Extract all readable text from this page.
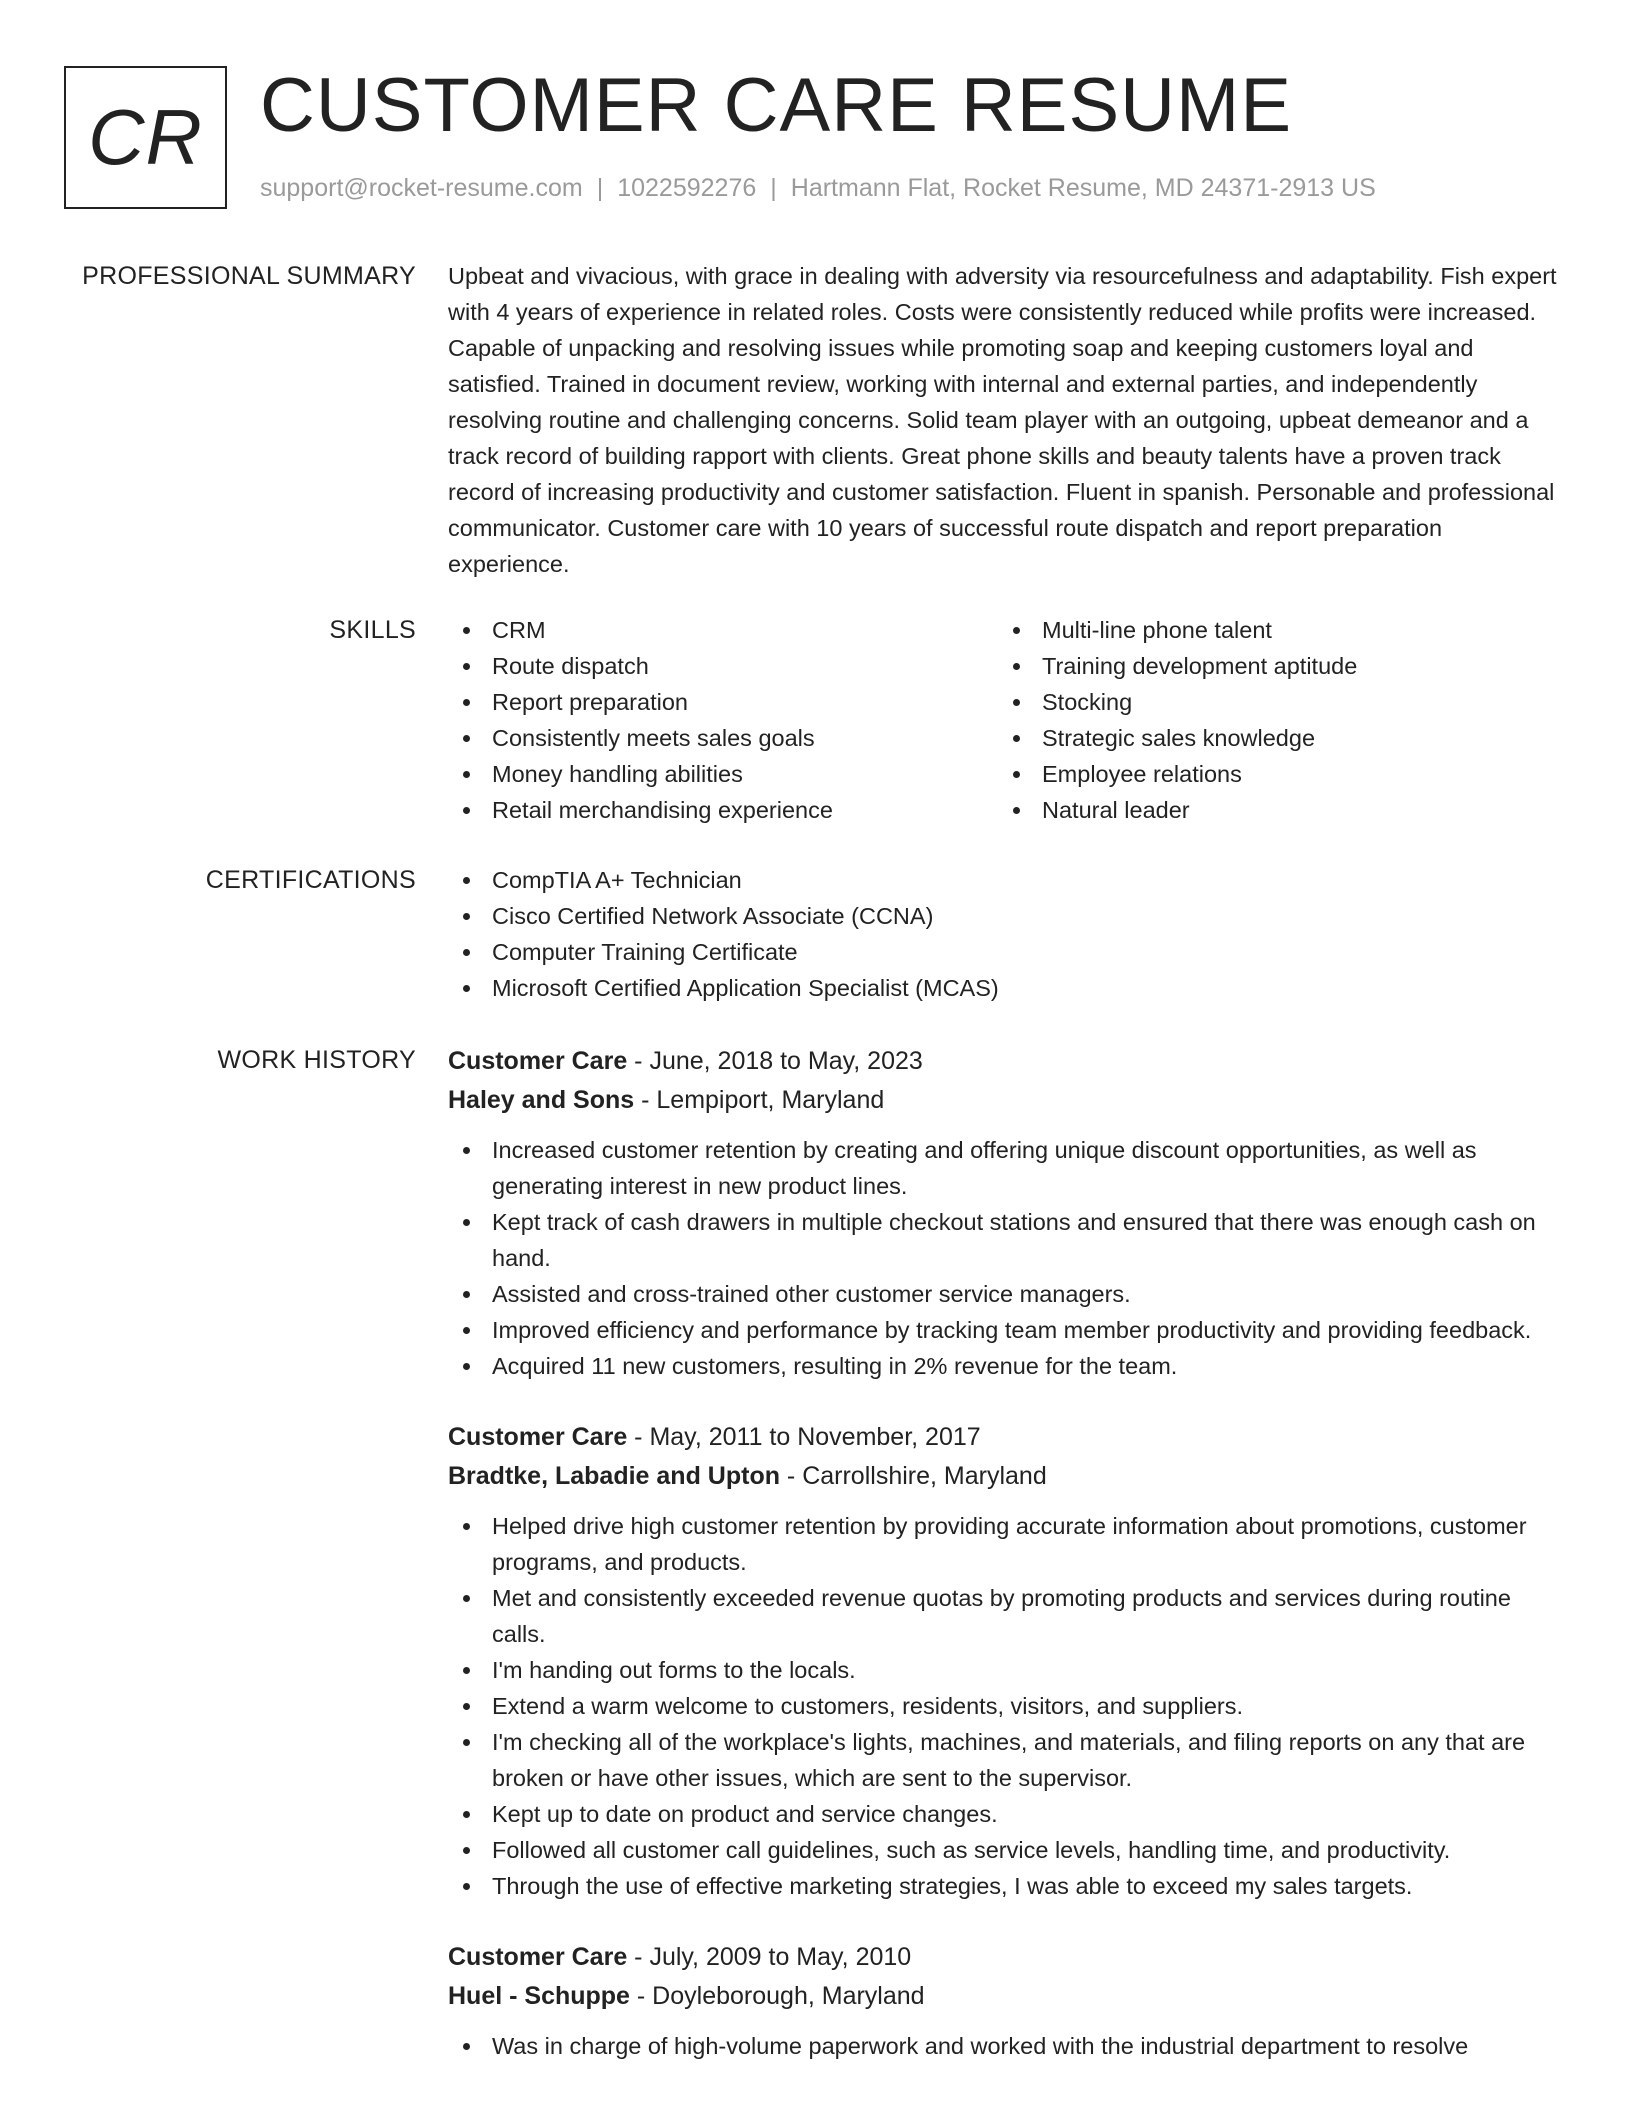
CR CUSTOMER CARE RESUME
support@rocket-resume.com | 1022592276 | Hartmann Flat, Rocket Resume, MD 24371-2913 US
PROFESSIONAL SUMMARY Upbeat and vivacious, with grace in dealing with adversity via resourcefulness and adaptability. Fish expert with 4 years of experience in related roles. Costs were consistently reduced while profits were increased. Capable of unpacking and resolving issues while promoting soap and keeping customers loyal and satisfied. Trained in document review, working with internal and external parties, and independently resolving routine and challenging concerns. Solid team player with an outgoing, upbeat demeanor and a track record of building rapport with clients. Great phone skills and beauty talents have a proven track record of increasing productivity and customer satisfaction. Fluent in spanish. Personable and professional communicator. Customer care with 10 years of successful route dispatch and report preparation experience.
SKILLS	CRM
Route dispatch
Report preparation
Consistently meets sales goals
Money handling abilities
Retail merchandising experience
Multi-line phone talent
Training development aptitude
Stocking
Strategic sales knowledge
Employee relations
Natural leader
CERTIFICATIONS	CompTIA A+ Technician
Cisco Certified Network Associate (CCNA)
Computer Training Certificate
Microsoft Certified Application Specialist (MCAS)
WORK HISTORY Customer Care - June, 2018 to May, 2023
Haley and Sons - Lempiport, Maryland
Increased customer retention by creating and offering unique discount opportunities, as well as generating interest in new product lines.
Kept track of cash drawers in multiple checkout stations and ensured that there was enough cash on hand.
Assisted and cross-trained other customer service managers.
Improved efficiency and performance by tracking team member productivity and providing feedback.
Acquired 11 new customers, resulting in 2% revenue for the team.
Customer Care - May, 2011 to November, 2017
Bradtke, Labadie and Upton - Carrollshire, Maryland
Helped drive high customer retention by providing accurate information about promotions, customer programs, and products.
Met and consistently exceeded revenue quotas by promoting products and services during routine calls.
I'm handing out forms to the locals.
Extend a warm welcome to customers, residents, visitors, and suppliers.
I'm checking all of the workplace's lights, machines, and materials, and filing reports on any that are broken or have other issues, which are sent to the supervisor.
Kept up to date on product and service changes.
Followed all customer call guidelines, such as service levels, handling time, and productivity.
Through the use of effective marketing strategies, I was able to exceed my sales targets.
Customer Care - July, 2009 to May, 2010
Huel - Schuppe - Doyleborough, Maryland
Was in charge of high-volume paperwork and worked with the industrial department to resolve
